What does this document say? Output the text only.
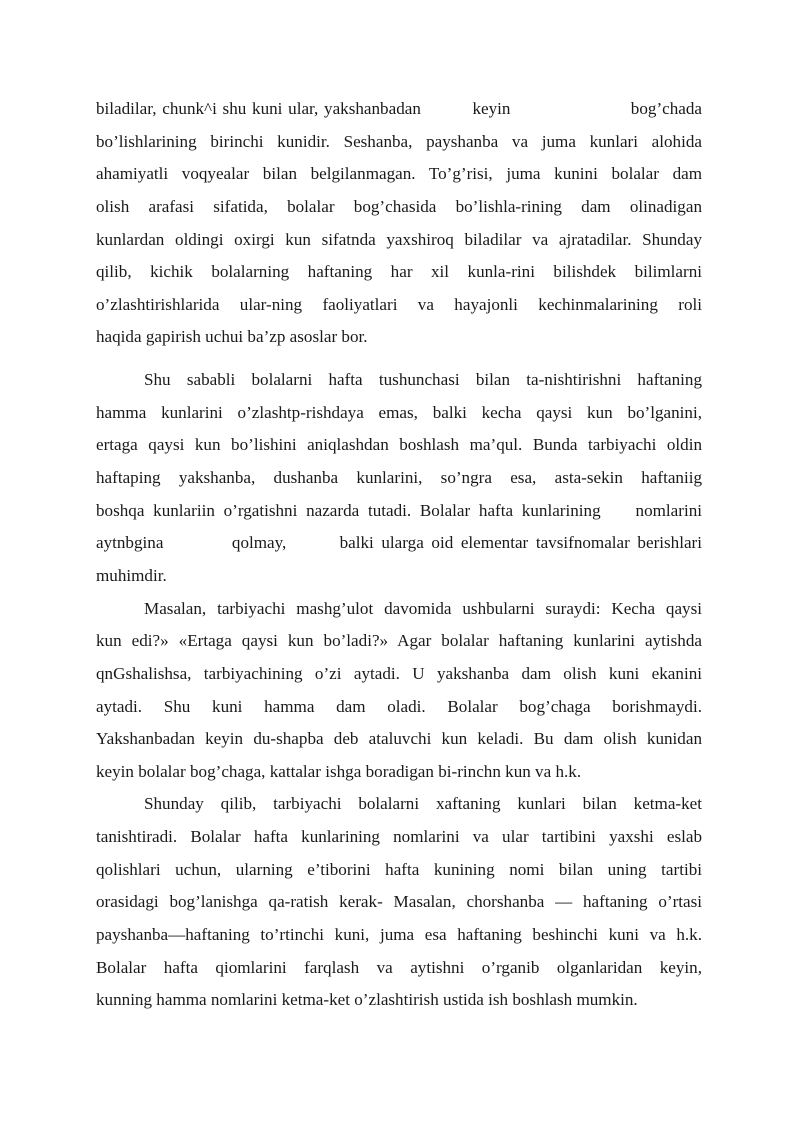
biladilar, chunk^i shu kuni ular, yakshanbadan         keyin                     bog’chada
bo’lishlarining birinchi kunidir. Seshanba, payshanba va juma kunlari alohida
ahamiyatli voqyealar bilan belgilanmagan. To’g’risi, juma kunini bolalar dam
olish arafasi sifatida, bolalar bog’chasida bo’lishla-rining dam olinadigan
kunlardan oldingi oxirgi kun sifatnda yaxshiroq biladilar va ajratadilar. Shunday
qilib, kichik bolalarning haftaning har xil kunla-rini bilishdek bilimlarni
o’zlashtirishlarida ular-ning faoliyatlari va hayajonli kechinmalarining roli
haqida gapirish uchui ba’zp asoslar bor.
Shu sababli bolalarni hafta tushunchasi bilan ta-nishtirishni haftaning
hamma kunlarini o’zlashtp-rishdaya emas, balki kecha qaysi kun bo’lganini,
ertaga qaysi kun bo’lishini aniqlashdan boshlash ma’qul. Bunda tarbiyachi oldin
haftaping yakshanba, dushanba kunlarini, so’ngra esa, asta-sekin haftaniig
boshqa kunlariin o’rgatishni nazarda tutadi. Bolalar hafta kunlarining    nomlarini
aytnbgina         qolmay,       balki ularga oid elementar tavsifnomalar berishlari
muhimdir.
Masalan, tarbiyachi mashg’ulot davomida ushbularni suraydi: Kecha qaysi
kun edi?» «Ertaga qaysi kun bo’ladi?» Agar bolalar haftaning kunlarini aytishda
qnGshalishsa, tarbiyachining o’zi aytadi. U yakshanba dam olish kuni ekanini
aytadi. Shu kuni hamma dam oladi. Bolalar bog’chaga borishmaydi.
Yakshanbadan keyin du-shapba deb ataluvchi kun keladi. Bu dam olish kunidan
keyin bolalar bog’chaga, kattalar ishga boradigan bi-rinchn kun va h.k.
Shunday qilib, tarbiyachi bolalarni xaftaning kunlari bilan ketma-ket
tanishtiradi. Bolalar hafta kunlarining nomlarini va ular tartibini yaxshi eslab
qolishlari uchun, ularning e’tiborini hafta kunining nomi bilan uning tartibi
orasidagi bog’lanishga qa-ratish kerak- Masalan, chorshanba — haftaning o’rtasi
payshanba—haftaning to’rtinchi kuni, juma esa haftaning beshinchi kuni va h.k.
Bolalar hafta qiomlarini farqlash va aytishni o’rganib olganlaridan keyin,
kunning hamma nomlarini ketma-ket o’zlashtirish ustida ish boshlash mumkin.
